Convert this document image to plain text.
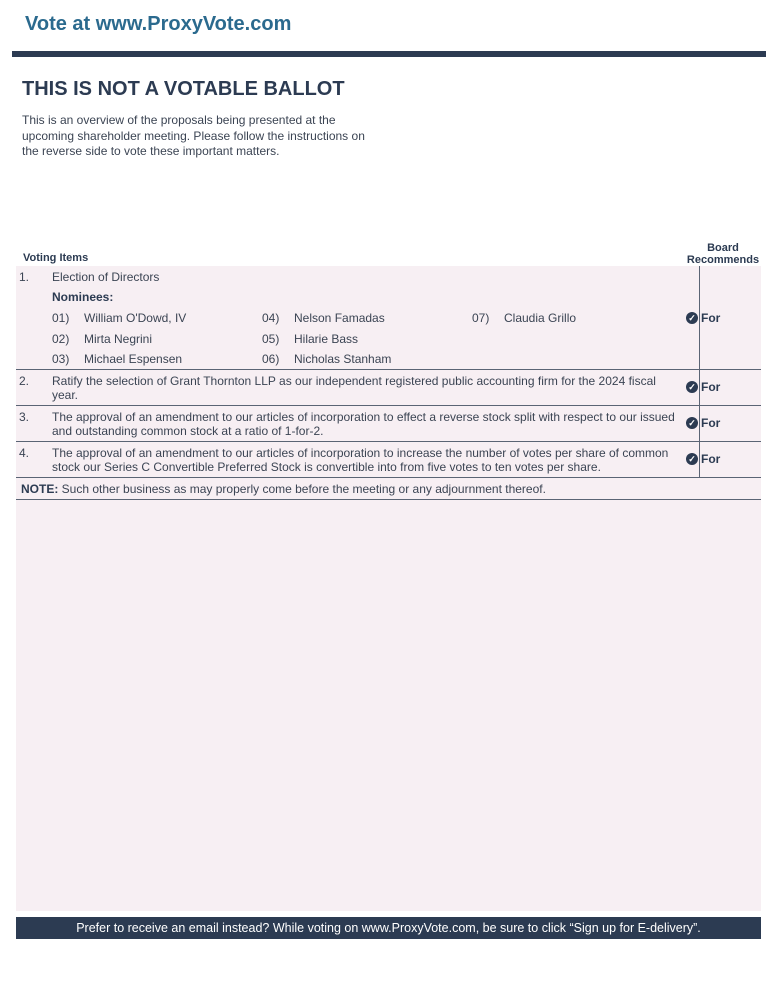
Vote at www.ProxyVote.com
THIS IS NOT A VOTABLE BALLOT
This is an overview of the proposals being presented at the upcoming shareholder meeting. Please follow the instructions on the reverse side to vote these important matters.
Voting Items
Board Recommends
1. Election of Directors
Nominees:
01) William O'Dowd, IV
02) Mirta Negrini
03) Michael Espensen
04) Nelson Famadas
05) Hilarie Bass
06) Nicholas Stanham
07) Claudia Grillo	✓ For
2. Ratify the selection of Grant Thornton LLP as our independent registered public accounting firm for the 2024 fiscal year.
✓ For
3. The approval of an amendment to our articles of incorporation to effect a reverse stock split with respect to our issued and outstanding common stock at a ratio of 1-for-2.
✓ For
4. The approval of an amendment to our articles of incorporation to increase the number of votes per share of common stock our Series C Convertible Preferred Stock is convertible into from five votes to ten votes per share.
✓ For
NOTE: Such other business as may properly come before the meeting or any adjournment thereof.
Prefer to receive an email instead? While voting on www.ProxyVote.com, be sure to click “Sign up for E-delivery”.
